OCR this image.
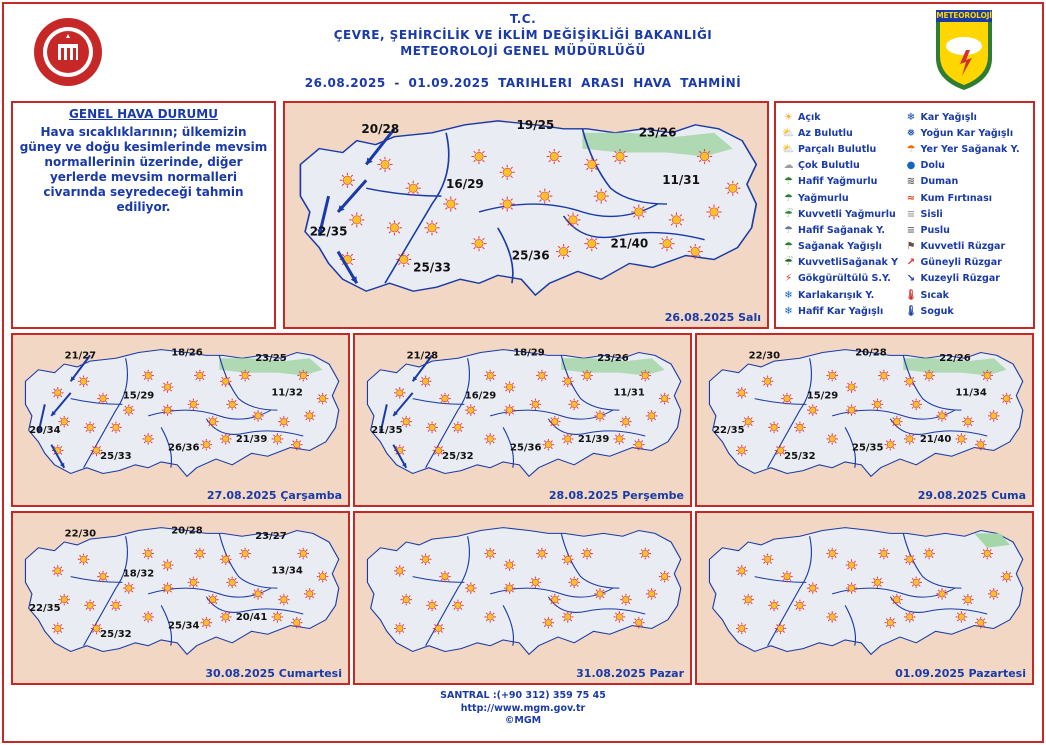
T.C.
ÇEVRE, ŞEHİRCİLİK VE İKLİM DEĞİŞİKLİĞİ BAKANLIĞI
METEOROLOJİ GENEL MÜDÜRLÜĞÜ
26.08.2025 - 01.09.2025 TARIHLERI ARASI HAVA TAHMİNİ
METEOROLOJİ
GENEL HAVA DURUMU

Hava sıcaklıklarının; ülkemizin güney ve doğu kesimlerinde mevsim normallerinin üzerinde, diğer yerlerde mevsim normalleri civarında seyredeceği tahmin ediliyor.

20/28	19/25
23/26
16/29	11/31
22/35
21/40
25/36
25/33
26.08.2025 Salı
☀ Açık
⛅ Az Bulutlu
⛅ Parçalı Bulutlu
☁ Çok Bulutlu
☂ Hafif Yağmurlu
☂ Yağmurlu
☔ Kuvvetli Yağmurlu
☂ Hafif Sağanak Y.
☂ Sağanak Yağışlı
☔ KuvvetliSağanak Y
⚡ Gökgürültülü S.Y.
❄ Karlakarışık Y.
❄ Hafif Kar Yağışlı
❄ Kar Yağışlı
❅ Yoğun Kar Yağışlı
☂ Yer Yer Sağanak Y.
● Dolu
≋ Duman
≈ Kum Fırtınası
≡ Sisli
≡ Puslu
⚑ Kuvvetli Rüzgar
↗ Güneyli Rüzgar
↘ Kuzeyli Rüzgar
🌡 Sıcak
🌡 Soguk
21/27	18/26
23/25
15/29	11/32
20/34
21/39
26/36
25/33
27.08.2025 Çarşamba
21/28	18/29
23/26
16/29	11/31
21/35
21/39
25/36
25/32
28.08.2025 Perşembe
22/30	20/28
22/26
15/29	11/34
22/35
21/40
25/35
25/32
29.08.2025 Cuma
22/30	20/28
23/27
18/32	13/34
22/35
20/41
25/34
25/32
30.08.2025 Cumartesi	31.08.2025 Pazar	01.09.2025 Pazartesi
SANTRAL :(+90 312) 359 75 45
http://www.mgm.gov.tr
©MGM
